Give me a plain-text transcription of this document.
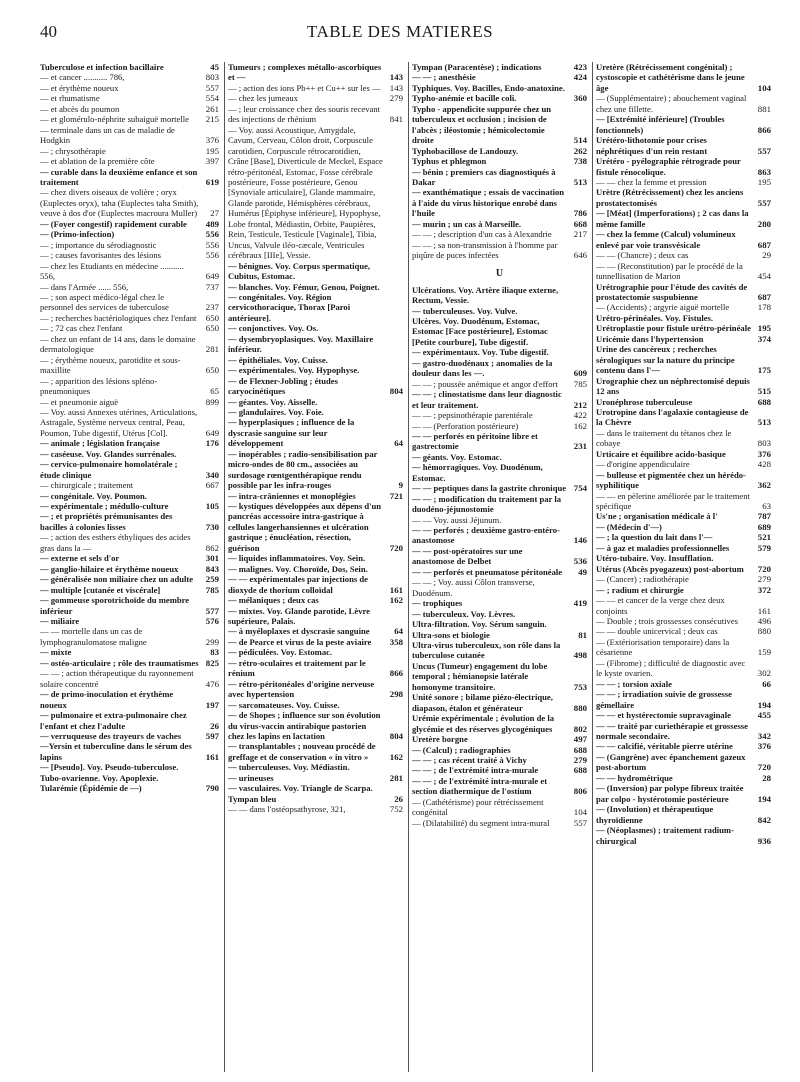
40	TABLE DES MATIERES
Tuberculose et infection bacillaire	45
— et cancer ........... 786,	803
— et érythème noueux	557
— et rhumatisme	554
— et abcès du poumon	261
— et glomérulo-néphrite subaiguë mortelle	215
— terminale dans un cas de maladie de Hodgkin	376
— ; chrysothérapie	195
— et ablation de la première côte	397
— curable dans la deuxième enfance et son traitement	619
— chez divers oiseaux de volière ; oryx (Euplectes oryx), taha (Euplectes taha Smith), veuve à dos d'or (Euplectes macroura Muller)	27
— (Foyer congestif) rapidement curable	489
— (Primo-infection)	556
— ; importance du sérodiagnostic	556
— ; causes favorisantes des lésions	556
— chez les Etudiants en médecine ........... 556,	649
— dans l'Armée ...... 556,	737
— ; son aspect médico-légal chez le personnel des services de tuberculose	237
— ; recherches bactériologiques chez l'enfant	650
— ; 72 cas chez l'enfant	650
— chez un enfant de 14 ans, dans le domaine dermatologique	281
— ; érythème noueux, parotidite et sous-maxillite	650
— ; apparition des lésions spléno-pneumoniques	65
— et pneumonie aiguë	899
— Voy. aussi Annexes utérines, Articulations, Astragale, Système nerveux central, Peau, Poumon, Tube digestif, Utérus [Col].	649
— animale ; législation française	176
— caséeuse. Voy. Glandes surrénales.
— cervico-pulmonaire homolatérale ; étude clinique	340
— chirurgicale ; traitement	667
— congénitale. Voy. Poumon.
— expérimentale ; médullo-culture	105
— ; et propriétés prémunisantes des bacilles à colonies lisses	730
— ; action des esthers éthyliques des acides gras dans la —	862
— externe et sels d'or	301
— ganglio-hilaire et érythème noueux	843
— généralisée non miliaire chez un adulte	259
— multiple [cutanée et viscérale]	785
— gommeuse sporotrichoïde du membre inférieur	577
— miliaire	576
— — mortelle dans un cas de lymphogranulomatose maligne	299
— mixte	83
— ostéo-articulaire ; rôle des traumatismes 825
— — ; action thérapeutique du rayonnement solaire concentré	476
— de primo-inoculation et érythème noueux	197
— pulmonaire et extra-pulmonaire chez l'enfant et chez l'adulte	26
— verruqueuse des trayeurs de vaches	597
—Yersin et tuberculine dans le sérum des lapins	161
— [Pseudo]. Voy. Pseudo-tuberculose.
Tubo-ovarienne. Voy. Apoplexie.
Tularémie (Épidémie de —)	790
Tumeurs ; complexes métallo-ascorbiques et —	143
— ; action des ions Pb++ et Cu++ sur les —	143
— chez les jumeaux	279
— ; leur croissance chez des souris recevant des injections de rhénium	841
— Voy. aussi Acoustique, Amygdale, Cavum, Cerveau, Côlon droit, Corpuscule carotidien, Corpuscule rétrocarotidien, Crâne [Base], Diverticule de Meckel, Espace rétro-péritonéal, Estomac, Fosse cérébrale postérieure, Fosse postérieure, Genou [Synoviale articulaire], Glande mammaire, Glande parotide, Hémisphères cérébraux, Humérus [Épiphyse inférieure], Hypophyse, Lobe frontal, Médiastin, Orbite, Paupières, Rein, Testicule, Testicule [Vaginale], Tibia, Uncus, Valvule iléo-cæcale, Ventricules cérébraux [IIIe], Vessie.
— bénignes. Voy. Corpus spermatique, Cubitus, Estomac.
— blanches. Voy. Fémur, Genou, Poignet.
— congénitales. Voy. Région cervicothoracique, Thorax [Paroi antérieure].
— conjonctives. Voy. Os.
— dysembryoplasiques. Voy. Maxillaire inférieur.
— épithéliales. Voy. Cuisse.
— expérimentales. Voy. Hypophyse.
— de Flexner-Jobling ; études caryocinétiques	804
— géantes. Voy. Aisselle.
— glandulaires. Voy. Foie.
— hyperplasiques ; influence de la dyscrasie sanguine sur leur développement	64
— inopérables ; radio-sensibilisation par micro-ondes de 80 cm., associées au surdosage rœntgenthérapique rendu possible par les infra-rouges	9
— intra-crâniennes et monoplégies	721
— kystiques développées aux dépens d'un pancréas accessoire intra-gastrique à cellules langerhansiennes et ulcération gastrique ; énucléation, résection, guérison	720
— liquides inflammatoires. Voy. Sein.
— malignes. Voy. Choroïde, Dos, Sein.
— — expérimentales par injections de dioxyde de thorium colloïdal	161
— mélaniques ; deux cas	162
— mixtes. Voy. Glande parotide, Lèvre supérieure, Palais.
— à myéloplaxes et dyscrasie sanguine	64
— de Pearce et virus de la peste aviaire	358
— pédiculées. Voy. Estomac.
— rétro-oculaires et traitement par le rénium	866
— rétro-péritonéales d'origine nerveuse avec hypertension	298
— sarcomateuses. Voy. Cuisse.
— de Shopes ; influence sur son évolution du virus-vaccin antirabique pastorien chez les lapins en lactation	804
— transplantables ; nouveau procédé de greffage et de conservation « in vitro »	162
— tuberculeuses. Voy. Médiastin.
— urineuses	281
— vasculaires. Voy. Triangle de Scarpa.
Tympan bleu	26
— — dans l'ostéopsathyrose, 321,	752
Tympan (Paracentèse) ; indications	423
— — ; anesthésie	424
Typhiques. Voy. Bacilles, Endo-anatoxine.
Typho-anémie et bacille coli.	360
Typho - appendicite suppurée chez un tuberculeux et occlusion ; incision de l'abcès ; iléostomie ; hémicolectomie droite	514
Typhobacillose de Landouzy.	262
Typhus et phlegmon	738
— bénin ; premiers cas diagnostiqués à Dakar	513
— exanthématique ; essais de vaccination à l'aide du virus historique enrobé dans l'huile	786
— murin ; un cas à Marseille.	668
— — ; description d'un cas à Alexandrie	217
— — ; sa non-transmission à l'homme par piqûre de puces infectées	646
U
Ulcérations. Voy. Artère iliaque externe, Rectum, Vessie.
— tuberculeuses. Voy. Vulve.
Ulcères. Voy. Duodénum, Estomac, Estomac [Face postérieure], Estomac [Petite courbure], Tube digestif.
— expérimentaux. Voy. Tube digestif.
— gastro-duodénaux ; anomalies de la douleur dans les —.	609
— — ; poussée anémique et angor d'effort	785
— — ; clinostatisme dans leur diagnostic et leur traitement.	212
— — ; pepsinothérapie parentérale	422
— — (Perforation postérieure)	162
— — perforés en péritoine libre et gastrectomie	231
— géants. Voy. Estomac.
— hémorragiques. Voy. Duodénum, Estomac.
— — peptiques dans la gastrite chronique 754
— — ; modification du traitement par la duodéno-jéjunostomie
— — Voy. aussi Jéjunum.
— — perforés ; deuxième gastro-entéro-anastomose	146
— — post-opératoires sur une anastomose de Delbet	536
— — perforés et pneumatose péritonéale	49
— — ; Voy. aussi Côlon transverse, Duodénum.
— trophiques	419
— tuberculeux. Voy. Lèvres.
Ultra-filtration. Voy. Sérum sanguin.
Ultra-sons et biologie	81
Ultra-virus tuberculeux, son rôle dans la tuberculose cutanée	498
Uncus (Tumeur) engagement du lobe temporal ; hémianopsie latérale homonyme transitoire.	753
Unité sonore ; bilame piézo-électrique, diapason, étalon et générateur	880
Urémie expérimentale ; évolution de la glycémie et des réserves glycogéniques	802
Uretère borgne	497
— (Calcul) ; radiographies	688
— — ; cas récent traité à Vichy	279
— — ; de l'extrémité intra-murale	688
— — ; de l'extrémité intra-murale et section diathermique de l'ostium	806
— (Cathétérisme) pour rétrécissement congénital	104
— (Dilatabilité) du segment intra-mural	557
Uretère (Rétrécissement congénital) ; cystoscopie et cathétérisme dans le jeune âge	104
— (Supplémentaire) ; abouchement vaginal chez une fillette.	881
— [Extrémité inférieure] (Troubles fonctionnels)	866
Urétéro-lithotomie pour crises néphrétiques d'un rein restant	557
Urétéro - pyélographie rétrograde pour fistule rénocolique.	863
— — chez la femme et pression	195
Urètre (Rétrécissement) chez les anciens prostatectomisés	557
— [Méat] (Imperforations) ; 2 cas dans la même famille	280
— chez la femme (Calcul) volumineux enlevé par voie transvésicale	687
— — (Chancre) ; deux cas	29
— — (Reconstitution) par le procédé de la tunnellisation de Marion	454
Urétrographie pour l'étude des cavités de prostatectomie suspubienne	687
— (Accidents) ; argyrie aiguë mortelle	178
Urétro-périnéales. Voy. Fistules.
Urétroplastie pour fistule urétro-périnéale 195
Uricémie dans l'hypertension	374
Urine des cancéreux ; recherches sérologiques sur la nature du principe contenu dans l'—	175
Urographie chez un néphrectomisé depuis 12 ans	515
Uronéphrose tuberculeuse	688
Urotropine dans l'agalaxie contagieuse de la Chèvre	513
— dans le traitement du tétanos chez le cobaye	803
Urticaire et équilibre acido-basique	376
— d'origine appendiculaire	428
— bulleuse et pigmentée chez un hérédo-syphilitique	362
— — en pèlerine améliorée par le traitement spécifique	63
Us'ne ; organisation médicale à l'	787
— (Médecin d'—)	689
— ; la question du lait dans l'—	521
— à gaz et maladies professionnelles	579
Utéro-tubaire. Voy. Insufflation.
Utérus (Abcès pyogazeux) post-abortum	720
— (Cancer) ; radiothérapie	279
— ; radium et chirurgie	372
— — et cancer de la verge chez deux conjoints	161
— Double ; trois grossesses consécutives	496
— — double unicervical ; deux cas	880
— (Extériorisation temporaire) dans la césarienne	159
— (Fibrome) ; difficulté de diagnostic avec le kyste ovarien.	302
— — ; torsion axiale	66
— — ; irradiation suivie de grossesse gémellaire	194
— — et hystérectomie supravaginale	455
— — traité par curiethérapie et grossesse normale secondaire.	342
— — calcifié, véritable pierre utérine	376
— (Gangrène) avec épanchement gazeux post-abortum	720
— — hydrométrique	28
— (Inversion) par polype fibreux traitée par colpo - hystérotomie postérieure	194
— (Involution) et thérapeutique thyroïdienne	842
— (Néoplasmes) ; traitement radium-chirurgical	936
